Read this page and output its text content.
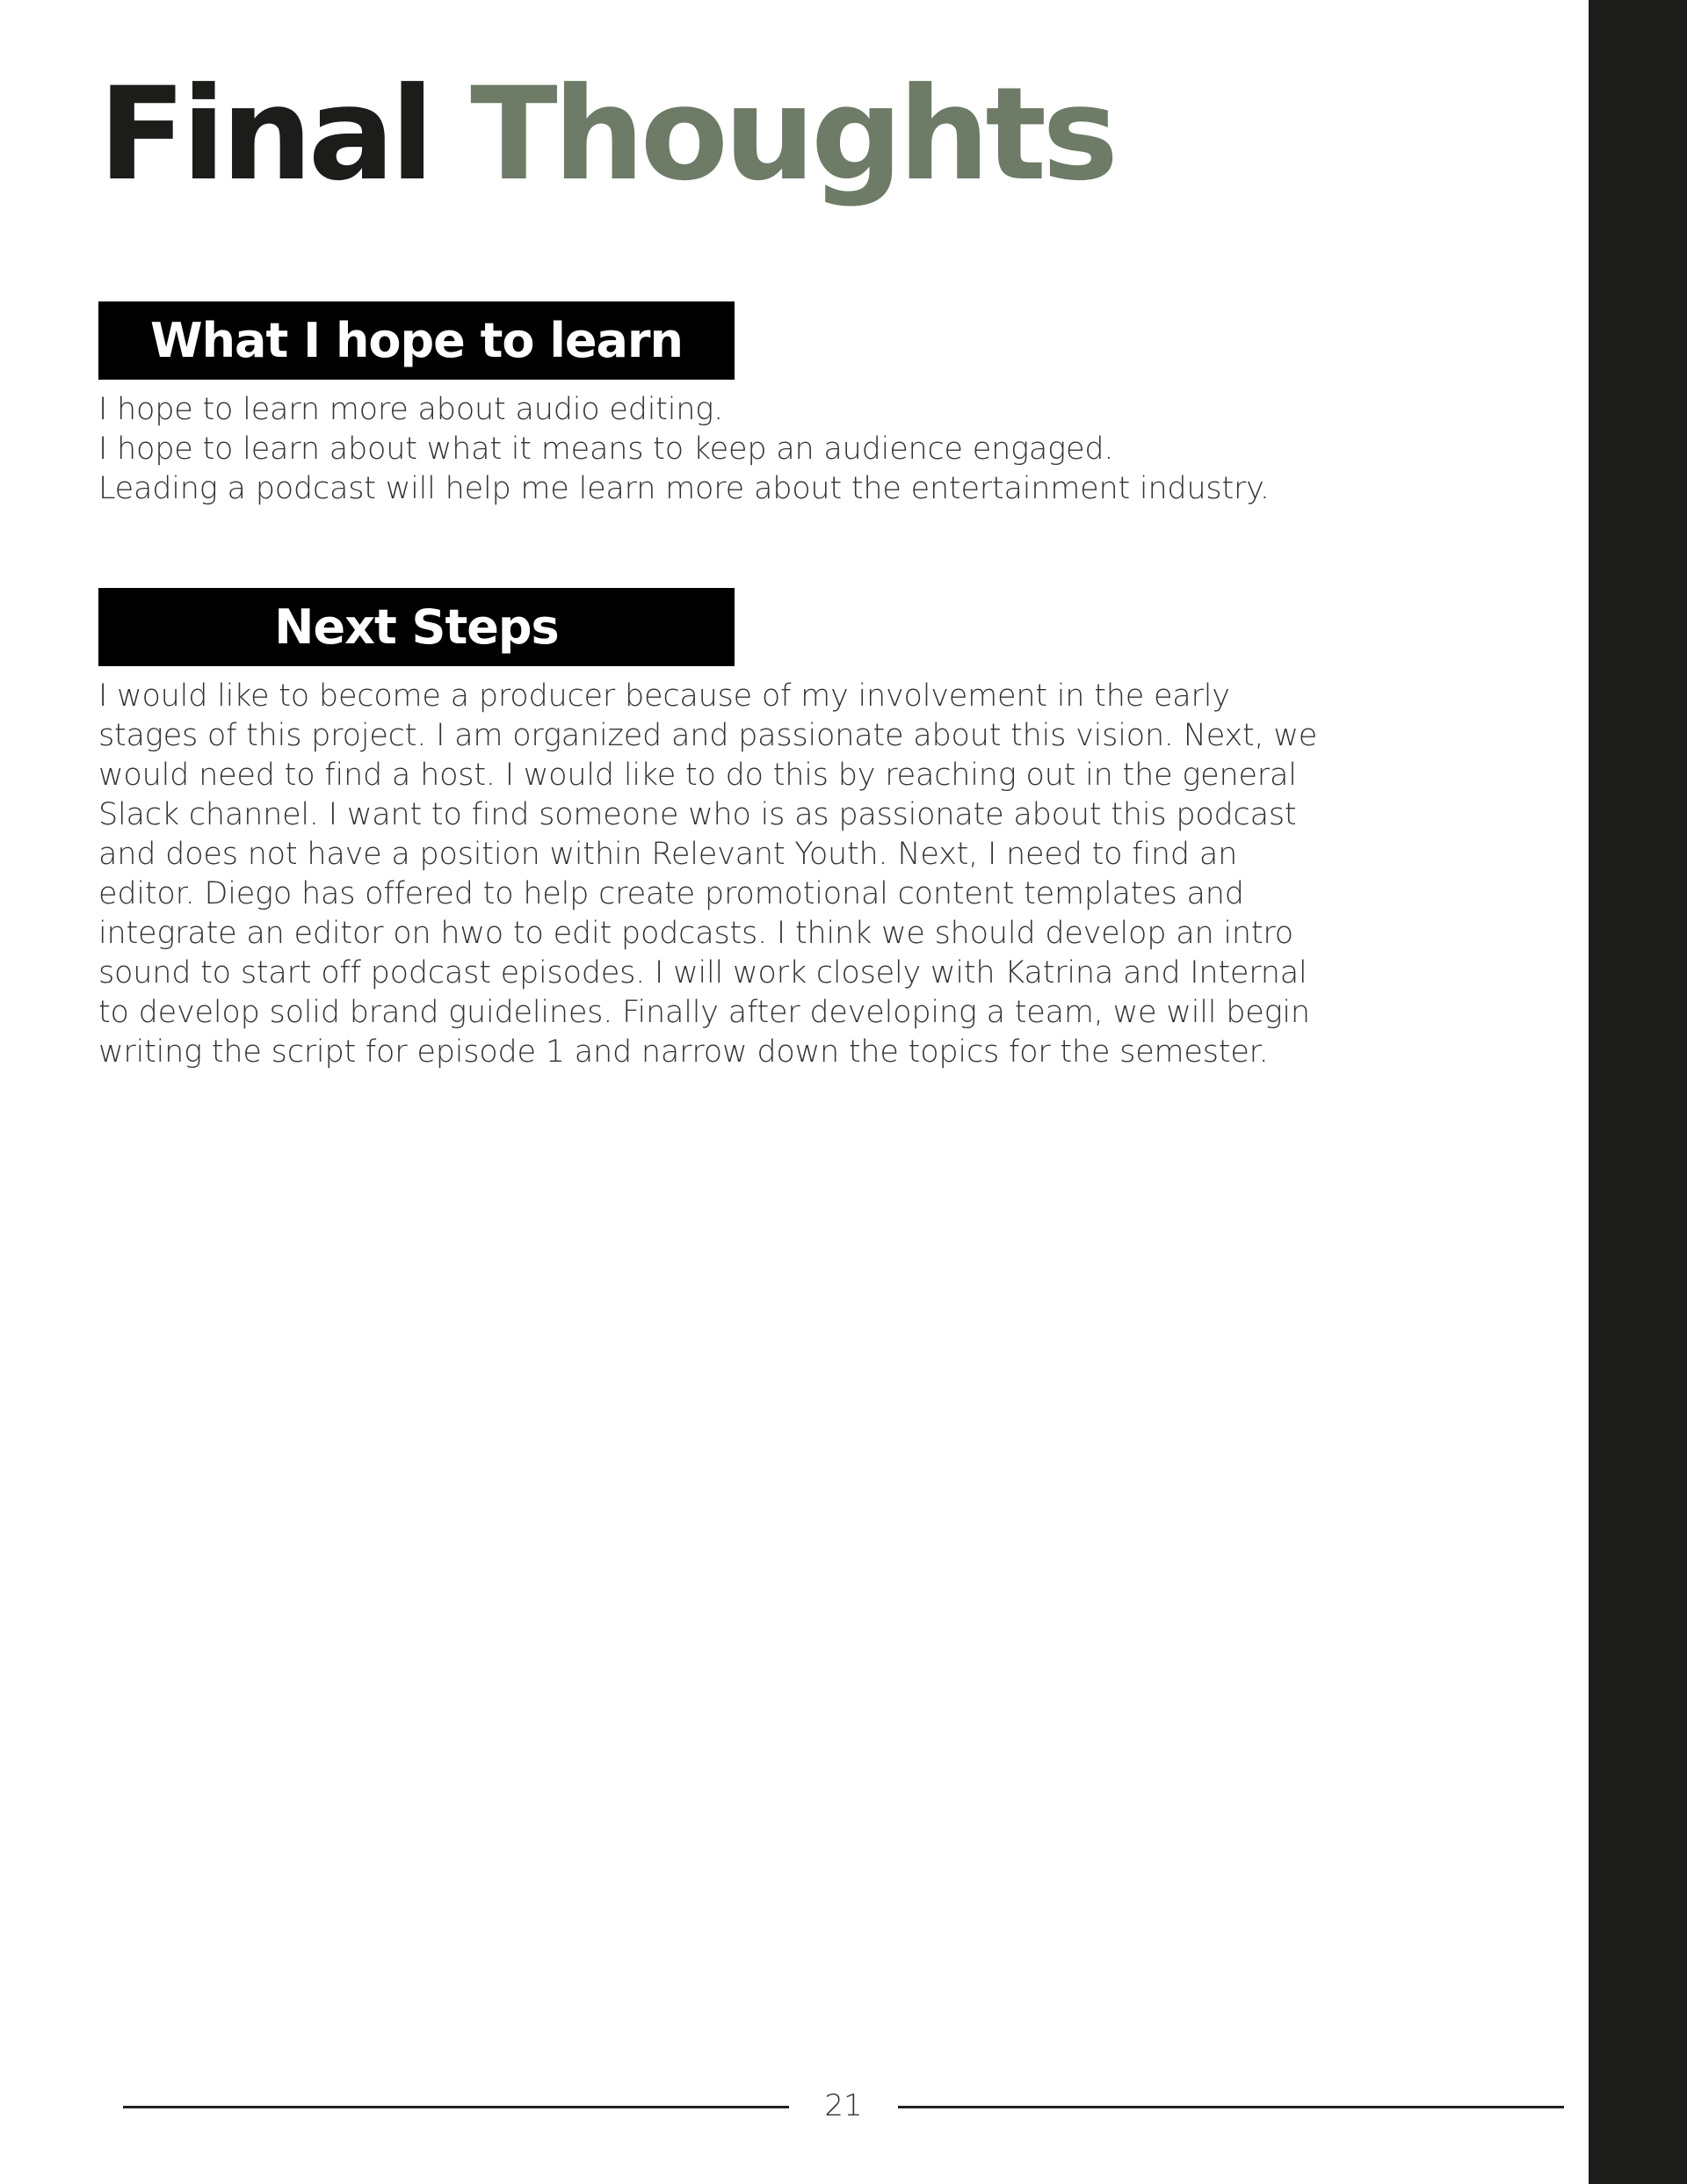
Final Thoughts
What I hope to learn
I hope to learn more about audio editing.
I hope to learn about what it means to keep an audience engaged.
Leading a podcast will help me learn more about the entertainment industry.
Next Steps
I would like to become a producer because of my involvement in the early
stages of this project. I am organized and passionate about this vision. Next, we
would need to find a host. I would like to do this by reaching out in the general
Slack channel. I want to find someone who is as passionate about this podcast
and does not have a position within Relevant Youth. Next, I need to find an
editor. Diego has offered to help create promotional content templates and
integrate an editor on hwo to edit podcasts. I think we should develop an intro
sound to start off podcast episodes. I will work closely with Katrina and Internal
to develop solid brand guidelines. Finally after developing a team, we will begin
writing the script for episode 1 and narrow down the topics for the semester.
21
